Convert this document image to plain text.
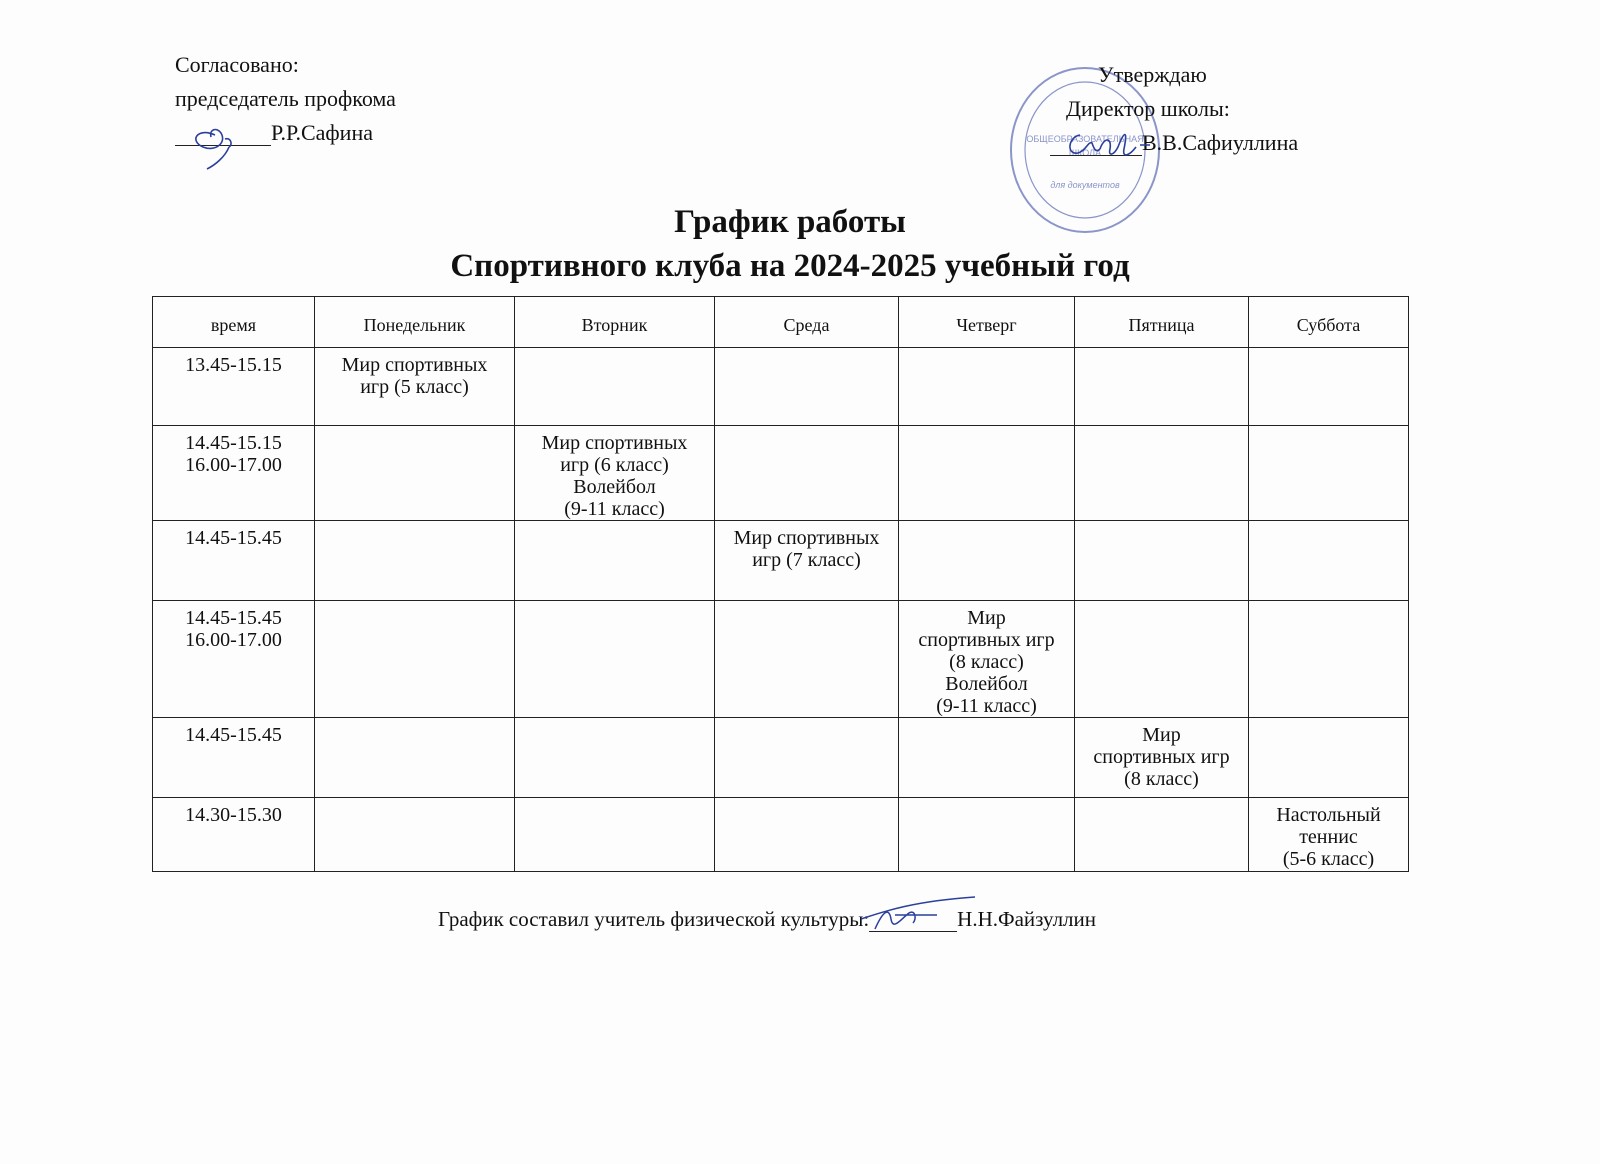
Согласовано:
председатель профкома
Р.Р.Сафина	ОБЩЕОБРАЗОВАТЕЛЬНАЯ
ШКОЛА
для документов
Утверждаю
Директор школы:
В.В.Сафиуллина
График работы
Спортивного клуба на 2024-2025 учебный год
время	Понедельник	Вторник	Среда	Четверг	Пятница	Суббота

13.45-15.15	Мир спортивных
игр (5 класс)					

14.45-15.15
16.00-17.00		Мир спортивных
игр (6 класс)
Волейбол
(9-11 класс)				

14.45-15.45			Мир спортивных
игр (7 класс)			

14.45-15.45
16.00-17.00				Мир
спортивных игр
(8 класс)
Волейбол
(9-11 класс)		

14.45-15.45					Мир
спортивных игр
(8 класс)	

14.30-15.30						Настольный
теннис
(5-6 класс)
График составил учитель физической культуры:	Н.Н.Файзуллин
